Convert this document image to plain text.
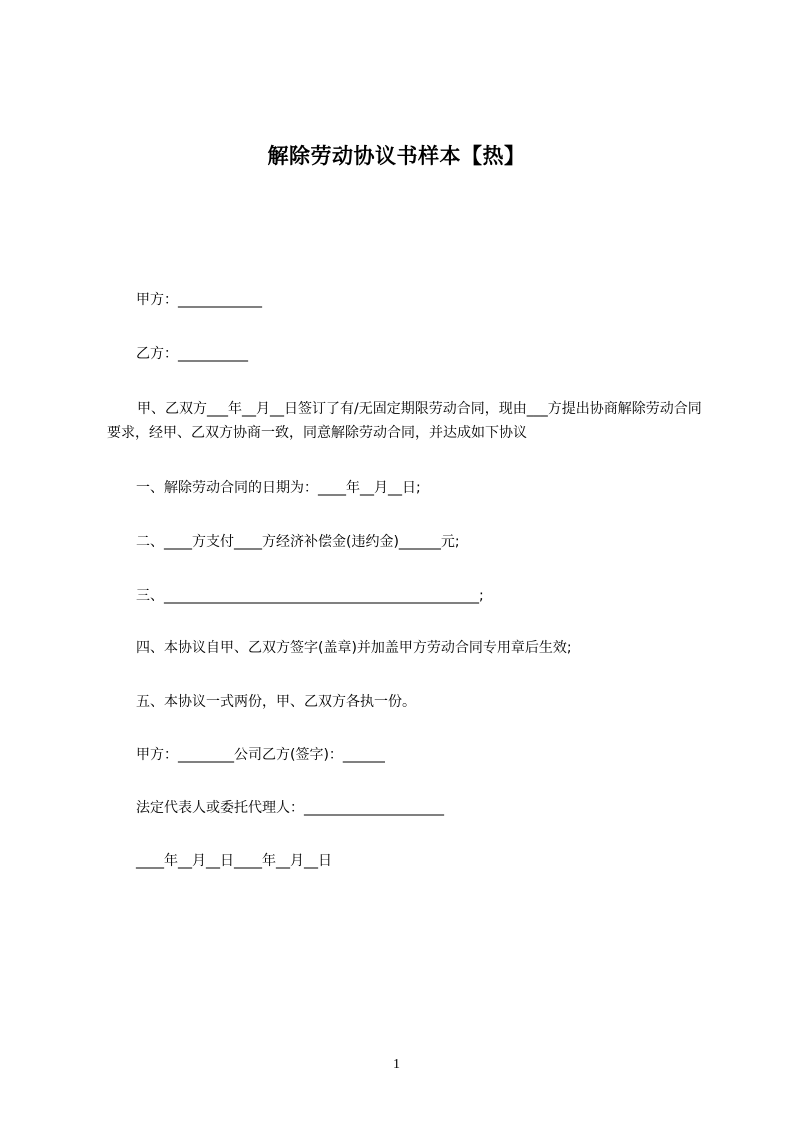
解除劳动协议书样本【热】
甲方：____________
乙方：__________
甲、乙双方___年__月__日签订了有/无固定期限劳动合同，现由___方提出协商解除劳动合同要求，经甲、乙双方协商一致，同意解除劳动合同，并达成如下协议
一、解除劳动合同的日期为：____年__月__日;
二、____方支付____方经济补偿金(违约金)______元;
三、_____________________________________________;
四、本协议自甲、乙双方签字(盖章)并加盖甲方劳动合同专用章后生效;
五、本协议一式两份，甲、乙双方各执一份。
甲方：________公司乙方(签字)：______
法定代表人或委托代理人：____________________
____年__月__日____年__月__日
1
